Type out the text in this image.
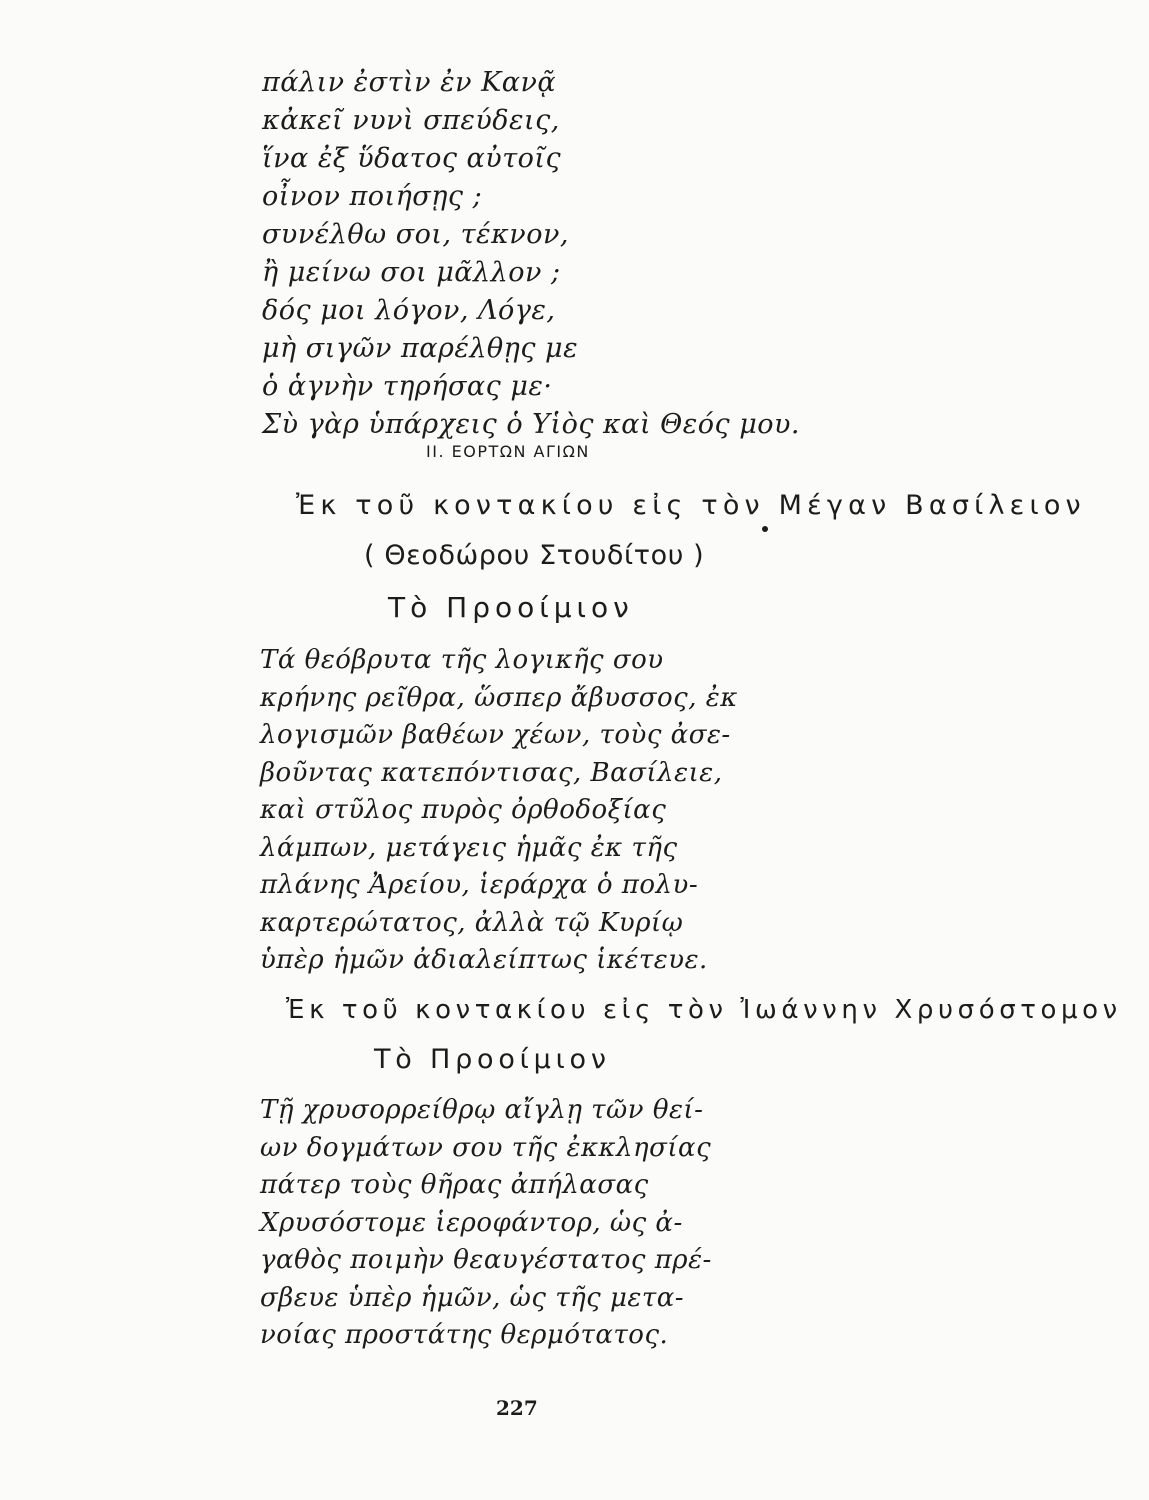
πάλιν ἐστὶν ἐν Κανᾷ
κἀκεῖ νυνὶ σπεύδεις,
ἵνα ἐξ ὕδατος αὐτοῖς
οἶνον ποιήσῃς ;
συνέλθω σοι, τέκνον,
ἢ μείνω σοι μᾶλλον ;
δός μοι λόγον, Λόγε,
μὴ σιγῶν παρέλθῃς με
ὁ ἁγνὴν τηρήσας με·
Σὺ γὰρ ὑπάρχεις ὁ Υἱὸς καὶ Θεός μου.
ΙΙ. ΕΟΡΤΩΝ ΑΓΙΩΝ
Ἐκ τοῦ κοντακίου εἰς τὸν Μέγαν Βασίλειον
( Θεοδώρου Στουδίτου )
Τὸ Προοίμιον
Τά θεόβρυτα τῆς λογικῆς σου
κρήνης ρεῖθρα, ὥσπερ ἄβυσσος, ἐκ
λογισμῶν βαθέων χέων, τοὺς ἀσε-
βοῦντας κατεπόντισας, Βασίλειε,
καὶ στῦλος πυρὸς ὀρθοδοξίας
λάμπων, μετάγεις ἡμᾶς ἐκ τῆς
πλάνης Ἀρείου, ἱεράρχα ὁ πολυ-
καρτερώτατος, ἀλλὰ τῷ Κυρίῳ
ὑπὲρ ἡμῶν ἀδιαλείπτως ἱκέτευε.
Ἐκ τοῦ κοντακίου εἰς τὸν Ἰωάννην Χρυσόστομον
Τὸ Προοίμιον
Τῇ χρυσορρείθρῳ αἴγλῃ τῶν θεί-
ων δογμάτων σου τῆς ἐκκλησίας
πάτερ τοὺς θῆρας ἀπήλασας
Χρυσόστομε ἱεροφάντορ, ὡς ἀ-
γαθὸς ποιμὴν θεαυγέστατος πρέ-
σβευε ὑπὲρ ἡμῶν, ὡς τῆς μετα-
νοίας προστάτης θερμότατος.
227
